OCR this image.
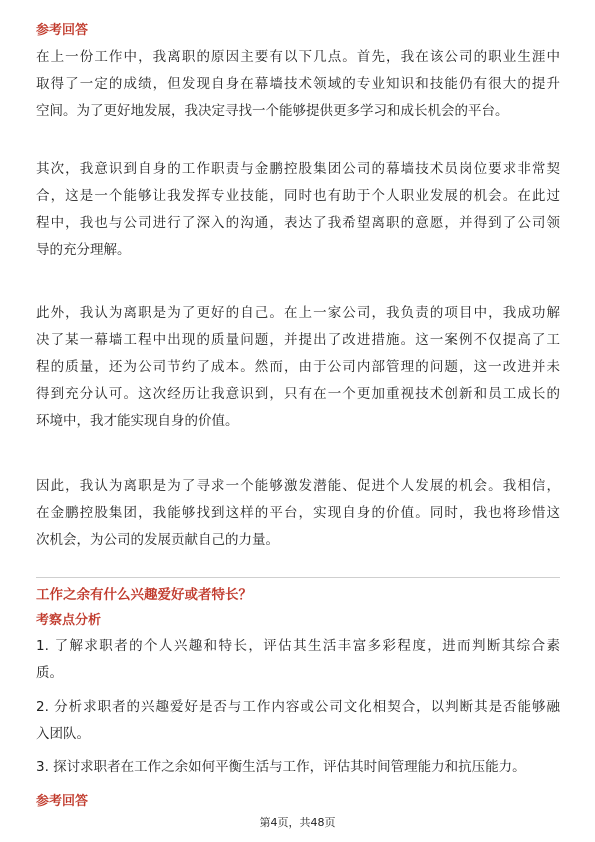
参考回答
在上一份工作中，我离职的原因主要有以下几点。首先，我在该公司的职业生涯中
取得了一定的成绩，但发现自身在幕墙技术领域的专业知识和技能仍有很大的提升
空间。为了更好地发展，我决定寻找一个能够提供更多学习和成长机会的平台。
其次，我意识到自身的工作职责与金鹏控股集团公司的幕墙技术员岗位要求非常契
合，这是一个能够让我发挥专业技能，同时也有助于个人职业发展的机会。在此过
程中，我也与公司进行了深入的沟通，表达了我希望离职的意愿，并得到了公司领
导的充分理解。
此外，我认为离职是为了更好的自己。在上一家公司，我负责的项目中，我成功解
决了某一幕墙工程中出现的质量问题，并提出了改进措施。这一案例不仅提高了工
程的质量，还为公司节约了成本。然而，由于公司内部管理的问题，这一改进并未
得到充分认可。这次经历让我意识到，只有在一个更加重视技术创新和员工成长的
环境中，我才能实现自身的价值。
因此，我认为离职是为了寻求一个能够激发潜能、促进个人发展的机会。我相信，
在金鹏控股集团，我能够找到这样的平台，实现自身的价值。同时，我也将珍惜这
次机会，为公司的发展贡献自己的力量。
工作之余有什么兴趣爱好或者特长？
考察点分析
1. 了解求职者的个人兴趣和特长，评估其生活丰富多彩程度，进而判断其综合素
质。
2. 分析求职者的兴趣爱好是否与工作内容或公司文化相契合，以判断其是否能够融
入团队。
3. 探讨求职者在工作之余如何平衡生活与工作，评估其时间管理能力和抗压能力。
参考回答
第4页，共48页
